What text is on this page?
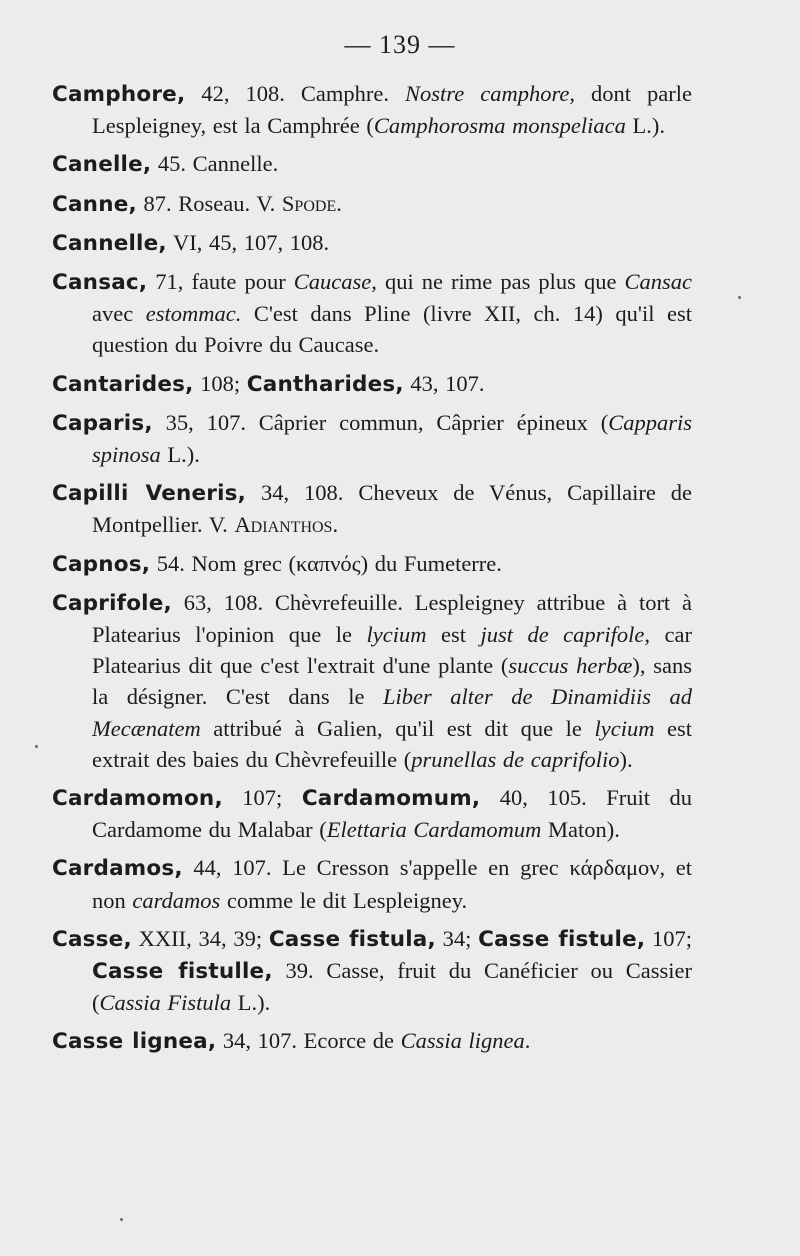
— 139 —

Camphore, 42, 108. Camphre. Nostre camphore, dont parle Lespleigney, est la Camphrée (Camphorosma monspeliaca L.).

Canelle, 45. Cannelle.

Canne, 87. Roseau. V. Spode.

Cannelle, VI, 45, 107, 108.

Cansac, 71, faute pour Caucase, qui ne rime pas plus que Cansac avec estommac. C'est dans Pline (livre XII, ch. 14) qu'il est question du Poivre du Caucase.

Cantarides, 108; Cantharides, 43, 107.

Caparis, 35, 107. Câprier commun, Câprier épineux (Capparis spinosa L.).

Capilli Veneris, 34, 108. Cheveux de Vénus, Capillaire de Montpellier. V. Adianthos.

Capnos, 54. Nom grec (καπνός) du Fumeterre.

Caprifole, 63, 108. Chèvrefeuille. Lespleigney attribue à tort à Platearius l'opinion que le lycium est just de caprifole, car Platearius dit que c'est l'extrait d'une plante (succus herbæ), sans la désigner. C'est dans le Liber alter de Dinamidiis ad Mecænatem attribué à Galien, qu'il est dit que le lycium est extrait des baies du Chèvrefeuille (prunellas de caprifolio).

Cardamomon, 107; Cardamomum, 40, 105. Fruit du Cardamome du Malabar (Elettaria Cardamomum Maton).

Cardamos, 44, 107. Le Cresson s'appelle en grec κάρδαμον, et non cardamos comme le dit Lespleigney.

Casse, XXII, 34, 39; Casse fistula, 34; Casse fistule, 107; Casse fistulle, 39. Casse, fruit du Canéficier ou Cassier (Cassia Fistula L.).

Casse lignea, 34, 107. Ecorce de Cassia lignea.
